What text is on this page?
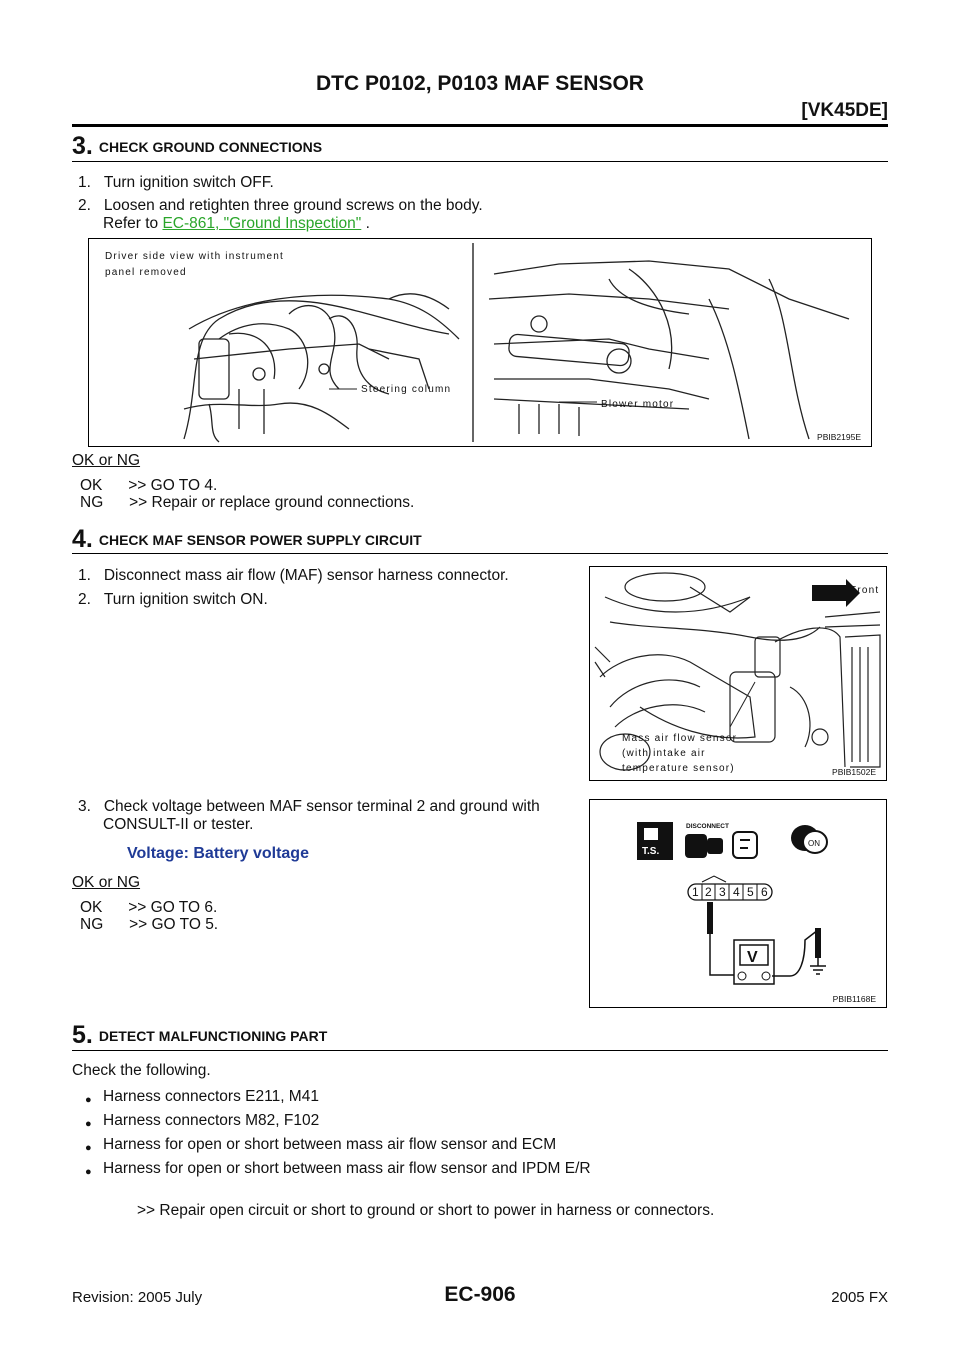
DTC P0102, P0103 MAF SENSOR
[VK45DE]
3. CHECK GROUND CONNECTIONS
1.   Turn ignition switch OFF.
2.   Loosen and retighten three ground screws on the body.
Refer to EC-861, "Ground Inspection" .
Driver side view with instrument
panel removed
Steering column
Blower motor
PBIB2195E
OK or NG
OK      >> GO TO 4.
NG      >> Repair or replace ground connections.
4. CHECK MAF SENSOR POWER SUPPLY CIRCUIT
1.   Disconnect mass air flow (MAF) sensor harness connector.
2.   Turn ignition switch ON.
Front
Mass air flow sensor
(with intake air
temperature sensor)	PBIB1502E
3.   Check voltage between MAF sensor terminal 2 and ground with
CONSULT-II or tester.
Voltage: Battery voltage	T.S.
DISCONNECT
ON
1 2 3 4 5 6
V
PBIB1168E
OK or NG
OK      >> GO TO 6.
NG      >> GO TO 5.
5. DETECT MALFUNCTIONING PART
Check the following.
● Harness connectors E211, M41
● Harness connectors M82, F102
● Harness for open or short between mass air flow sensor and ECM
● Harness for open or short between mass air flow sensor and IPDM E/R
>> Repair open circuit or short to ground or short to power in harness or connectors.
Revision: 2005 July	EC-906	2005 FX
